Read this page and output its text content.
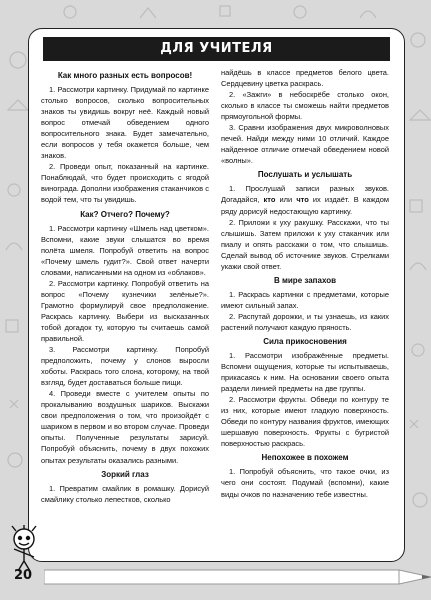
ДЛЯ УЧИТЕЛЯ
Как много разных есть вопросов!

1. Рассмотри картинку. Придумай по картинке столько вопросов, сколько вопросительных знаков ты увидишь вокруг неё. Каждый новый вопрос отмечай обведением одного вопросительного знака. Будет замечательно, если вопросов у тебя окажется больше, чем знаков.

2. Проведи опыт, показанный на картинке. Понаблюдай, что будет происходить с ягодой винограда. Дополни изображения стаканчиков с водой тем, что ты увидишь.

Как? Отчего? Почему?

1. Рассмотри картинку «Шмель над цветком». Вспомни, какие звуки слышатся во время полёта шмеля. Попробуй ответить на вопрос «Почему шмель гудит?». Свой ответ начерти словами, написанными на одном из «облаков».

2. Рассмотри картинку. Попробуй ответить на вопрос «Почему кузнечики зелёные?». Грамотно формулируй свое предположение. Раскрась картинку. Выбери из высказанных тобой догадок ту, которую ты считаешь самой правильной.

3. Рассмотри картинку. Попробуй предположить, почему у слонов выросли хоботы. Раскрась того слона, которому, на твой взгляд, будет доставаться больше пищи.

4. Проведи вместе с учителем опыты по прокалыванию воздушных шариков. Выскажи свои предположения о том, что произойдёт с шариком в первом и во втором случае. Проведи опыты. Полученные результаты зарисуй. Попробуй объяснить, почему в двух похожих опытах результаты оказались разными.

Зоркий глаз

1. Превратим смайлик в ромашку. Дорисуй смайлику столько лепестков, сколько

найдёшь в классе предметов белого цвета. Сердцевину цветка раскрась.

2. «Зажги» в небоскрёбе столько окон, сколько в классе ты сможешь найти предметов прямоугольной формы.

3. Сравни изображения двух микроволновых печей. Найди между ними 10 отличий. Каждое найденное отличие отмечай обведением новой «волны».

Послушать и услышать

1. Прослушай записи разных звуков. Догадайся, кто или что их издаёт. В каждом ряду дорисуй недостающую картинку.

2. Приложи к уху ракушку. Расскажи, что ты слышишь. Затем приложи к уху стаканчик или пиалу и опять расскажи о том, что слышишь. Сделай вывод об источнике звуков. Стрелками укажи свой ответ.

В мире запахов

1. Раскрась картинки с предметами, которые имеют сильный запах.

2. Распутай дорожки, и ты узнаешь, из каких растений получают каждую пряность.

Сила прикосновения

1. Рассмотри изображённые предметы. Вспомни ощущения, которые ты испытываешь, прикасаясь к ним. На основании своего опыта раздели линией предметы на две группы.

2. Рассмотри фрукты. Обведи по контуру те из них, которые имеют гладкую поверхность. Обведи по контуру названия фруктов, имеющих шершавую поверхность. Фрукты с бугристой поверхностью раскрась.

Непохожее в похожем

1. Попробуй объяснить, что такое очки, из чего они состоят. Подумай (вспомни), какие виды очков по назначению тебе известны.

20
